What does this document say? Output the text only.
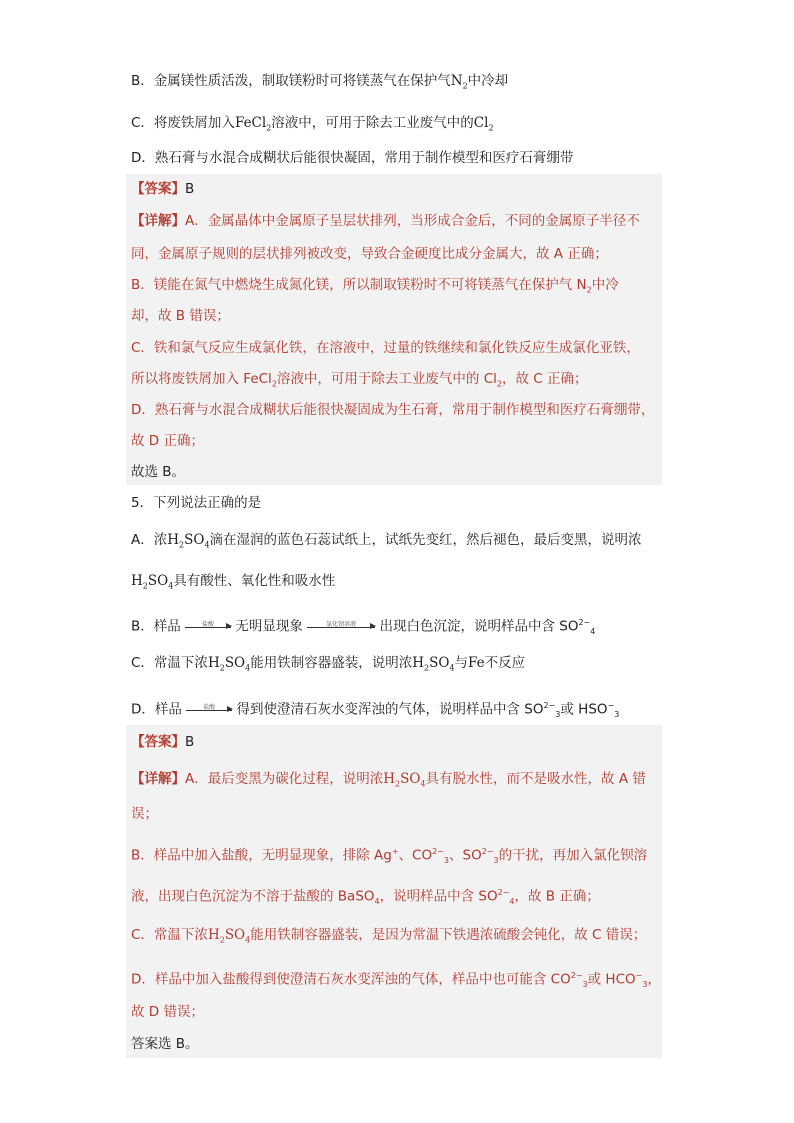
B．金属镁性质活泼，制取镁粉时可将镁蒸气在保护气$N_2$中冷却
C．将废铁屑加入FeCl$_2$溶液中，可用于除去工业废气中的$Cl_2$
D．熟石膏与水混合成糊状后能很快凝固，常用于制作模型和医疗石膏绷带
【答案】B
【详解】A．金属晶体中金属原子呈层状排列，当形成合金后，不同的金属原子半径不
同，金属原子规则的层状排列被改变，导致合金硬度比成分金属大，故 A 正确；
B．镁能在氮气中燃烧生成氮化镁，所以制取镁粉时不可将镁蒸气在保护气 $N_2$中冷
却，故 B 错误；
C．铁和氯气反应生成氯化铁，在溶液中，过量的铁继续和氯化铁反应生成氯化亚铁，
所以将废铁屑加入 FeCl$_2$溶液中，可用于除去工业废气中的 $Cl_2$，故 C 正确；
D．熟石膏与水混合成糊状后能很快凝固成为生石膏，常用于制作模型和医疗石膏绷带，
故 D 正确；
故选 B。
5．下列说法正确的是
A．浓$H_2SO_4$滴在湿润的蓝色石蕊试纸上，试纸先变红，然后褪色，最后变黑，说明浓
$H_2SO_4$具有酸性、氧化性和吸水性
B．样品	盐酸	无明显现象	氯化钡溶液	出现白色沉淀，说明样品中含 $SO^{2-}_4$
C．常温下浓$H_2SO_4$能用铁制容器盛装，说明浓$H_2SO_4$与Fe不反应
D．样品	盐酸	得到使澄清石灰水变浑浊的气体，说明样品中含 $SO^{2-}_3$或 $HSO^-_3$
【答案】B
【详解】A．最后变黑为碳化过程，说明浓$H_2SO_4$具有脱水性，而不是吸水性，故 A 错
误；
B．样品中加入盐酸，无明显现象，排除 Ag+、$CO^{2-}_3$、$SO^{2-}_3$的干扰，再加入氯化钡溶
液，出现白色沉淀为不溶于盐酸的 BaSO$_4$，说明样品中含 $SO^{2-}_4$，故 B 正确；
C．常温下浓$H_2SO_4$能用铁制容器盛装，是因为常温下铁遇浓硫酸会钝化，故 C 错误；
D．样品中加入盐酸得到使澄清石灰水变浑浊的气体，样品中也可能含 $CO^{2-}_3$或 $HCO^-_3$，
故 D 错误；
答案选 B。
